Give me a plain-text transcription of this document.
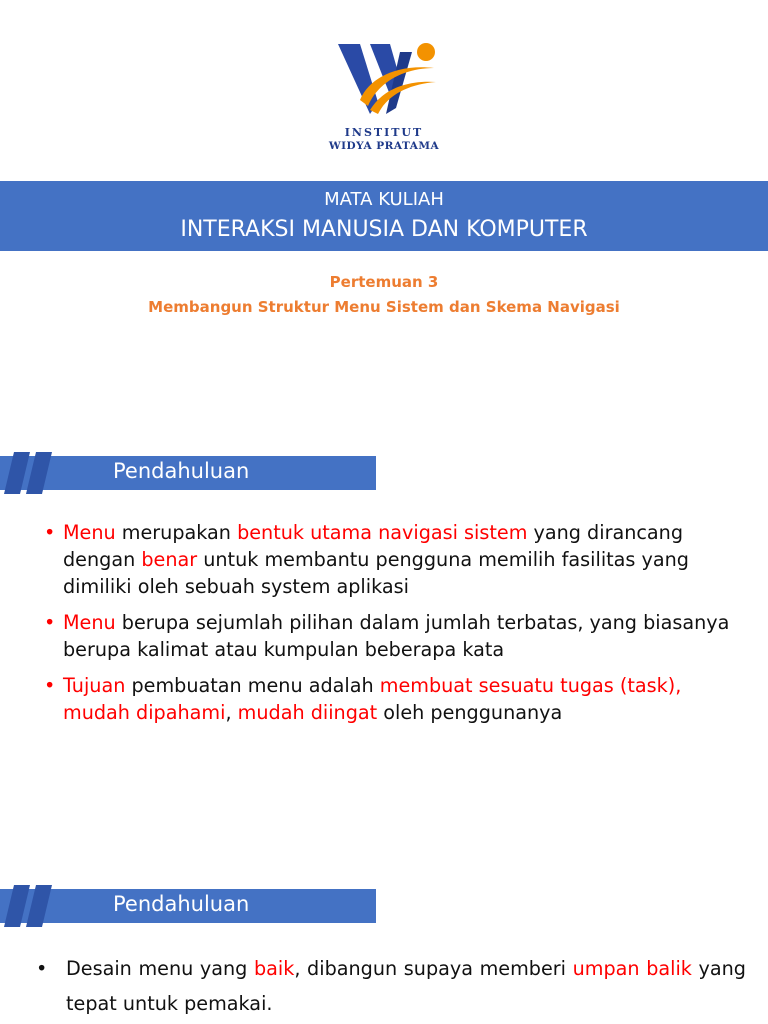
INSTITUT
WIDYA PRATAMA
MATA KULIAH
INTERAKSI MANUSIA DAN KOMPUTER
Pertemuan 3
Membangun Struktur Menu Sistem dan Skema Navigasi
Pendahuluan
• Menu merupakan bentuk utama navigasi sistem yang dirancang dengan benar untuk membantu pengguna memilih fasilitas yang dimiliki oleh sebuah system aplikasi
• Menu berupa sejumlah pilihan dalam jumlah terbatas, yang biasanya berupa kalimat atau kumpulan beberapa kata
• Tujuan pembuatan menu adalah membuat sesuatu tugas (task), mudah dipahami, mudah diingat oleh penggunanya
Pendahuluan
• Desain menu yang baik, dibangun supaya memberi umpan balik yang tepat untuk pemakai.
